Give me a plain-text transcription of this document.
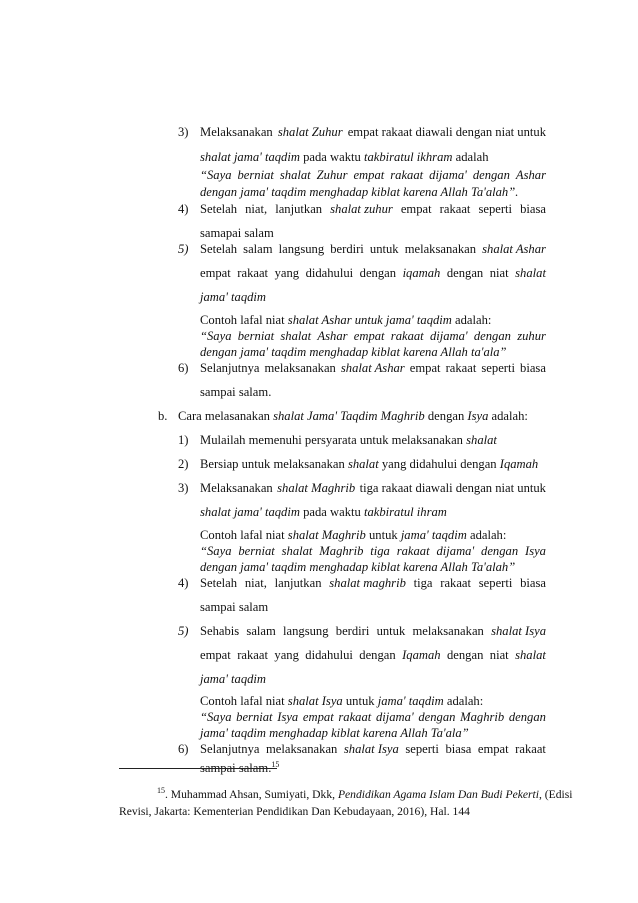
3) Melaksanakan shalat Zuhur empat rakaat diawali dengan niat untuk
shalat jama' taqdim pada waktu takbiratul ikhram adalah
“Saya berniat shalat Zuhur empat rakaat dijama' dengan Ashar
dengan jama' taqdim menghadap kiblat karena Allah Ta'alah”.
4) Setelah niat, lanjutkan shalat zuhur empat rakaat seperti biasa
samapai salam
5) Setelah salam langsung berdiri untuk melaksanakan shalat Ashar
empat rakaat yang didahului dengan iqamah dengan niat shalat
jama' taqdim
Contoh lafal niat shalat Ashar untuk jama' taqdim adalah:
“Saya berniat shalat Ashar empat rakaat dijama' dengan zuhur
dengan jama' taqdim menghadap kiblat karena Allah ta'ala”
6) Selanjutnya melaksanakan shalat Ashar empat rakaat seperti biasa
sampai salam.
b. Cara melasanakan shalat Jama' Taqdim Maghrib dengan Isya adalah:
1) Mulailah memenuhi persyarata untuk melaksanakan shalat
2) Bersiap untuk melaksanakan shalat yang didahului dengan Iqamah
3) Melaksanakan shalat Maghrib tiga rakaat diawali dengan niat untuk
shalat jama' taqdim pada waktu takbiratul ihram
Contoh lafal niat shalat Maghrib untuk jama' taqdim adalah:
“Saya berniat shalat Maghrib tiga rakaat dijama' dengan Isya
dengan jama' taqdim menghadap kiblat karena Allah Ta'alah”
4) Setelah niat, lanjutkan shalat maghrib tiga rakaat seperti biasa
sampai salam
5) Sehabis salam langsung berdiri untuk melaksanakan shalat Isya
empat rakaat yang didahului dengan Iqamah dengan niat shalat
jama' taqdim
Contoh lafal niat shalat Isya untuk jama' taqdim adalah:
“Saya berniat Isya empat rakaat dijama' dengan Maghrib dengan
jama' taqdim menghadap kiblat karena Allah Ta'ala”
6) Selanjutnya melaksanakan shalat Isya seperti biasa empat rakaat
sampai salam.$^{15}$
$^{15}$. Muhammad Ahsan, Sumiyati, Dkk, Pendidikan Agama Islam Dan Budi Pekerti, (Edisi
Revisi, Jakarta: Kementerian Pendidikan Dan Kebudayaan, 2016), Hal. 144
